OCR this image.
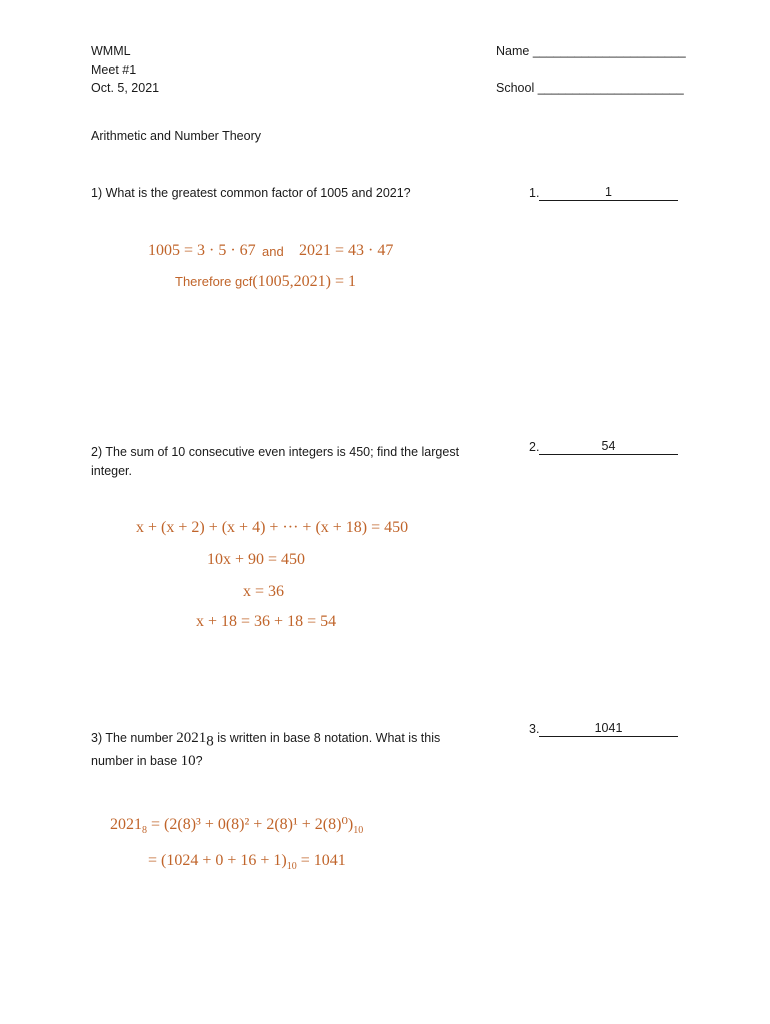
WMML
Meet #1
Oct. 5, 2021
Name ______________________
School _____________________
Arithmetic and Number Theory
1) What is the greatest common factor of 1005 and 2021?	1.	1
1005 = 3 · 5 · 67 and 2021 = 43 · 47
Therefore gcf(1005,2021) = 1
2) The sum of 10 consecutive even integers is 450; find the largest
integer.
2.	54
x + (x + 2) + (x + 4) + ··· + (x + 18) = 450
10x + 90 = 450
x = 36
x + 18 = 36 + 18 = 54
3) The number $2021_8$ is written in base 8 notation. What is this
number in base 10?
3.	1041
$2021_8 = (2(8)^3 + 0(8)^2 + 2(8)^1 + 2(8)^0)_{10}$
= $(1024 + 0 + 16 + 1)_{10} = 1041$
